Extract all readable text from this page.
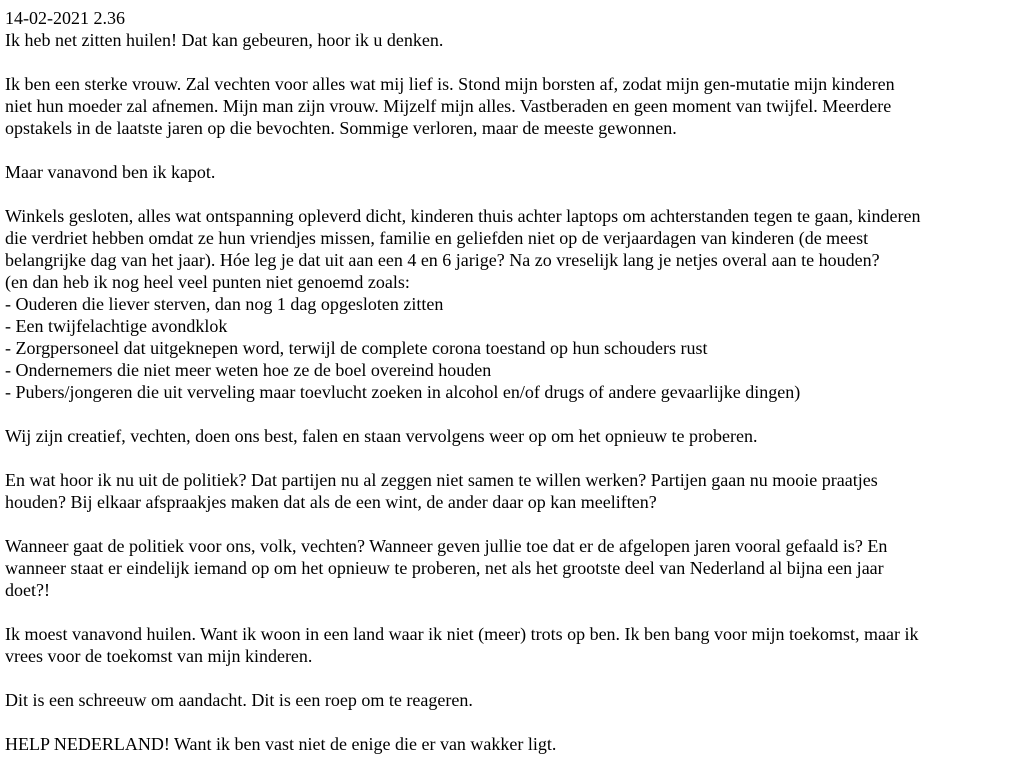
14-02-2021 2.36
Ik heb net zitten huilen! Dat kan gebeuren, hoor ik u denken.
Ik ben een sterke vrouw. Zal vechten voor alles wat mij lief is. Stond mijn borsten af, zodat mijn gen-mutatie mijn kinderen
niet hun moeder zal afnemen. Mijn man zijn vrouw. Mijzelf mijn alles. Vastberaden en geen moment van twijfel. Meerdere
opstakels in de laatste jaren op die bevochten. Sommige verloren, maar de meeste gewonnen.
Maar vanavond ben ik kapot.
Winkels gesloten, alles wat ontspanning opleverd dicht, kinderen thuis achter laptops om achterstanden tegen te gaan, kinderen
die verdriet hebben omdat ze hun vriendjes missen, familie en geliefden niet op de verjaardagen van kinderen (de meest
belangrijke dag van het jaar). Hóe leg je dat uit aan een 4 en 6 jarige? Na zo vreselijk lang je netjes overal aan te houden?
(en dan heb ik nog heel veel punten niet genoemd zoals:
- Ouderen die liever sterven, dan nog 1 dag opgesloten zitten
- Een twijfelachtige avondklok
- Zorgpersoneel dat uitgeknepen word, terwijl de complete corona toestand op hun schouders rust
- Ondernemers die niet meer weten hoe ze de boel overeind houden
- Pubers/jongeren die uit verveling maar toevlucht zoeken in alcohol en/of drugs of andere gevaarlijke dingen)
Wij zijn creatief, vechten, doen ons best, falen en staan vervolgens weer op om het opnieuw te proberen.
En wat hoor ik nu uit de politiek? Dat partijen nu al zeggen niet samen te willen werken? Partijen gaan nu mooie praatjes
houden? Bij elkaar afspraakjes maken dat als de een wint, de ander daar op kan meeliften?
Wanneer gaat de politiek voor ons, volk, vechten? Wanneer geven jullie toe dat er de afgelopen jaren vooral gefaald is? En
wanneer staat er eindelijk iemand op om het opnieuw te proberen, net als het grootste deel van Nederland al bijna een jaar
doet?!
Ik moest vanavond huilen. Want ik woon in een land waar ik niet (meer) trots op ben. Ik ben bang voor mijn toekomst, maar ik
vrees voor de toekomst van mijn kinderen.
Dit is een schreeuw om aandacht. Dit is een roep om te reageren.
HELP NEDERLAND! Want ik ben vast niet de enige die er van wakker ligt.
